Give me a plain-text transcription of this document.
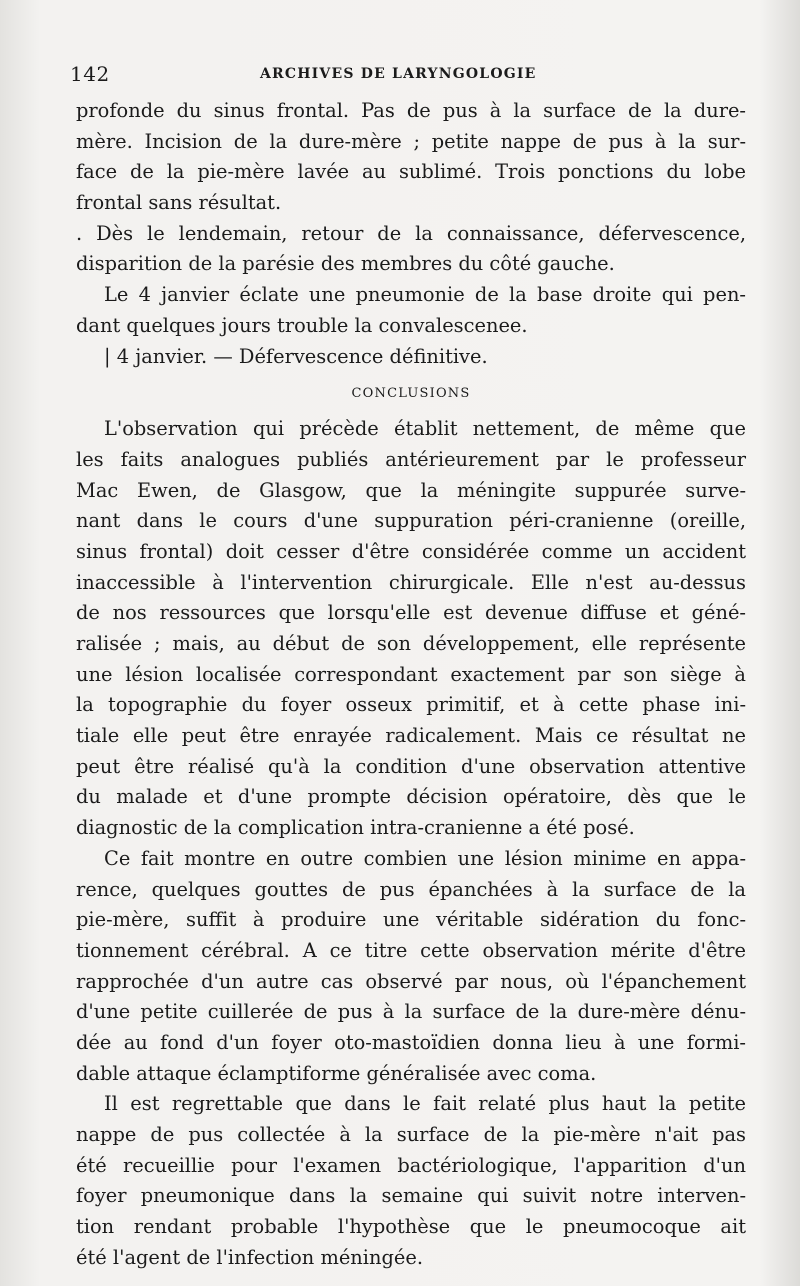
142	ARCHIVES DE LARYNGOLOGIE
profonde du sinus frontal. Pas de pus à la surface de la dure-
mère. Incision de la dure-mère ; petite nappe de pus à la sur-
face de la pie-mère lavée au sublimé. Trois ponctions du lobe
frontal sans résultat.
. Dès le lendemain, retour de la connaissance, défervescence,
disparition de la parésie des membres du côté gauche.
Le 4 janvier éclate une pneumonie de la base droite qui pen-
dant quelques jours trouble la convalescenee.
| 4 janvier. — Défervescence définitive.
CONCLUSIONS
L'observation qui précède établit nettement, de même que
les faits analogues publiés antérieurement par le professeur
Mac Ewen, de Glasgow, que la méningite suppurée surve-
nant dans le cours d'une suppuration péri-cranienne (oreille,
sinus frontal) doit cesser d'être considérée comme un accident
inaccessible à l'intervention chirurgicale. Elle n'est au-dessus
de nos ressources que lorsqu'elle est devenue diffuse et géné-
ralisée ; mais, au début de son développement, elle représente
une lésion localisée correspondant exactement par son siège à
la topographie du foyer osseux primitif, et à cette phase ini-
tiale elle peut être enrayée radicalement. Mais ce résultat ne
peut être réalisé qu'à la condition d'une observation attentive
du malade et d'une prompte décision opératoire, dès que le
diagnostic de la complication intra-cranienne a été posé.
Ce fait montre en outre combien une lésion minime en appa-
rence, quelques gouttes de pus épanchées à la surface de la
pie-mère, suffit à produire une véritable sidération du fonc-
tionnement cérébral. A ce titre cette observation mérite d'être
rapprochée d'un autre cas observé par nous, où l'épanchement
d'une petite cuillerée de pus à la surface de la dure-mère dénu-
dée au fond d'un foyer oto-mastoïdien donna lieu à une formi-
dable attaque éclamptiforme généralisée avec coma.
Il est regrettable que dans le fait relaté plus haut la petite
nappe de pus collectée à la surface de la pie-mère n'ait pas
été recueillie pour l'examen bactériologique, l'apparition d'un
foyer pneumonique dans la semaine qui suivit notre interven-
tion rendant probable l'hypothèse que le pneumocoque ait
été l'agent de l'infection méningée.
